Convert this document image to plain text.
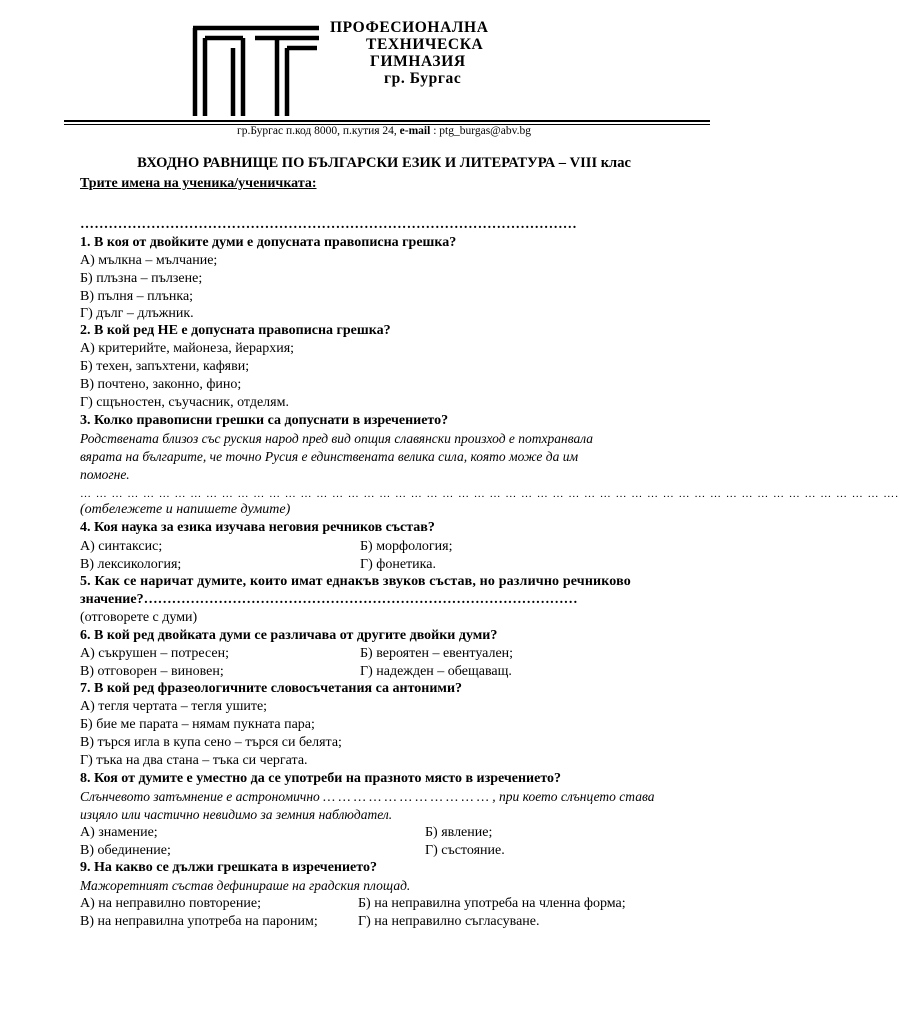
ПРОФЕСИОНАЛНА
ТЕХНИЧЕСКА
ГИМНАЗИЯ
гр. Бургас
гр.Бургас п.код 8000, п.кутия 24, e-mail : ptg_burgas@abv.bg
ВХОДНО РАВНИЩЕ ПО БЪЛГАРСКИ ЕЗИК И ЛИТЕРАТУРА – VIII клас
Трите имена на ученика/ученичката:
……………………………………………………………………………………………
1. В коя от двойките думи е допусната правописна грешка?
А) мълкна – мълчание;
Б) плъзна – пълзене;
В) пълня – плънка;
Г) дълг – длъжник.
2. В кой ред НЕ е допусната правописна грешка?
А) критерийте, майонеза, йерархия;
Б) техен, запъхтени, кафяви;
В) почтено, законно, фино;
Г) сщъностен, съучасник, отделям.
3. Колко правописни грешки са допуснати в изречението?
Родствената близоз със руския народ пред вид опщия славянски произход е потхранвала
вярата на българите, че точно Русия е единствената велика сила, която може да им
помогне.
… … … … … … … … … … … … … … … … … … … … … … … … … … … … … … … … … … … … … … … … … … … … … … … … … … … ….
(отбележете и напишете думите)
4. Коя наука за езика изучава неговия речников състав?
А) синтаксис;	Б) морфология;
В) лексикология;	Г) фонетика.
5. Как се наричат думите, които имат еднакъв звуков състав, но различно речниково
значение?…………………………………………………………………………………
(отговорете с думи)
6. В кой ред двойката думи се различава от другите двойки думи?
А) съкрушен – потресен;	Б) вероятен – евентуален;
В) отговорен – виновен;	Г) надежден – обещаващ.
7. В кой ред фразеологичните словосъчетания са антоними?
А) тегля чертата – тегля ушите;
Б) бие ме парата – нямам пукната пара;
В) търся игла в купа сено – търся си белята;
Г) тъка на два стана – тъка си чергата.
8. Коя от думите е уместно да се употреби на празното място в изречението?
Слънчевото затъмнение е астрономично … … … … … … … … … … … , при което слънцето става
изцяло или частично невидимо за земния наблюдател.
А) знамение;	Б) явление;
В) обединение;	Г) състояние.
9. На какво се дължи грешката в изречението?
Мажоретният състав дефинираше на градския площад.
А) на неправилно повторение;	Б) на неправилна употреба на членна форма;
В) на неправилна употреба на пароним;	Г) на неправилно съгласуване.
